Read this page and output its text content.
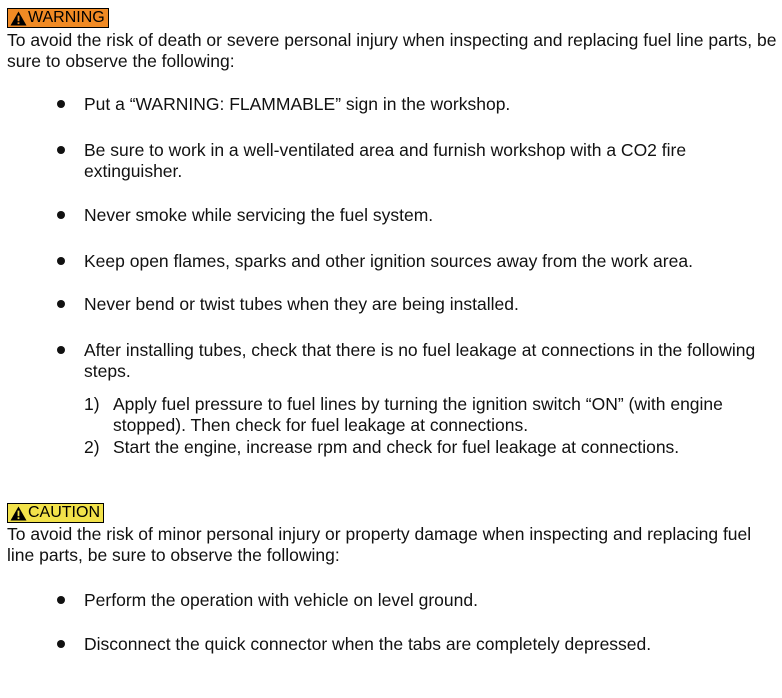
WARNING

To avoid the risk of death or severe personal injury when inspecting and replacing fuel line parts, be sure to observe the following:

Put a “WARNING: FLAMMABLE” sign in the workshop.

Be sure to work in a well-ventilated area and furnish workshop with a CO2 fire extinguisher.

Never smoke while servicing the fuel system.

Keep open flames, sparks and other ignition sources away from the work area.

Never bend or twist tubes when they are being installed.

After installing tubes, check that there is no fuel leakage at connections in the following steps.

1) Apply fuel pressure to fuel lines by turning the ignition switch “ON” (with engine stopped). Then check for fuel leakage at connections.
2) Start the engine, increase rpm and check for fuel leakage at connections.
CAUTION

To avoid the risk of minor personal injury or property damage when inspecting and replacing fuel line parts, be sure to observe the following:

Perform the operation with vehicle on level ground.

Disconnect the quick connector when the tabs are completely depressed.
